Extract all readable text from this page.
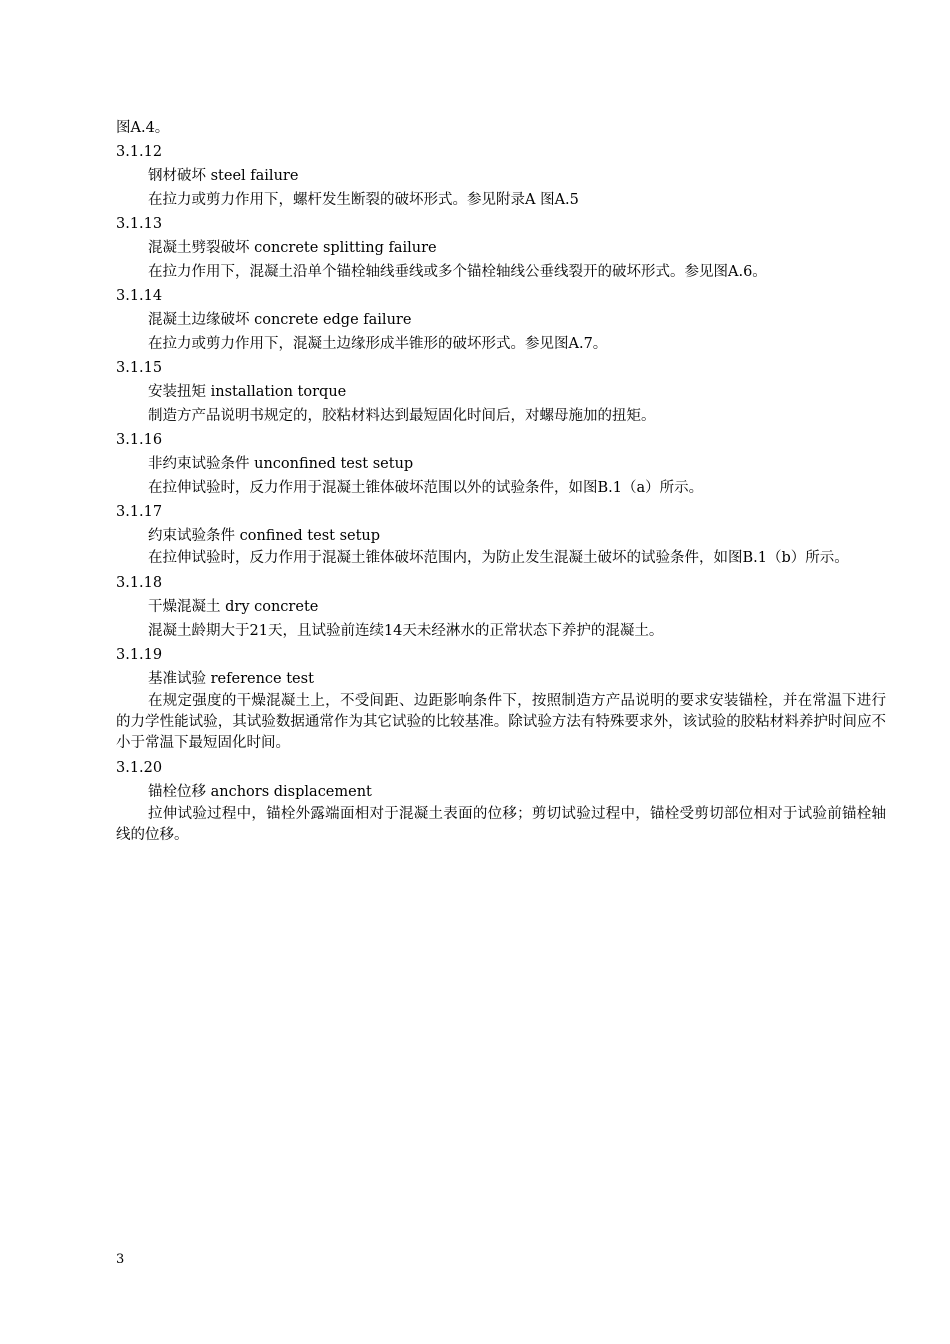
图A.4。
3.1.12
钢材破坏 steel failure
在拉力或剪力作用下，螺杆发生断裂的破坏形式。参见附录A 图A.5
3.1.13
混凝土劈裂破坏 concrete splitting failure
在拉力作用下，混凝土沿单个锚栓轴线垂线或多个锚栓轴线公垂线裂开的破坏形式。参见图A.6。
3.1.14
混凝土边缘破坏 concrete edge failure
在拉力或剪力作用下，混凝土边缘形成半锥形的破坏形式。参见图A.7。
3.1.15
安装扭矩 installation torque
制造方产品说明书规定的，胶粘材料达到最短固化时间后，对螺母施加的扭矩。
3.1.16
非约束试验条件 unconfined test setup
在拉伸试验时，反力作用于混凝土锥体破坏范围以外的试验条件，如图B.1（a）所示。
3.1.17
约束试验条件 confined test setup
在拉伸试验时，反力作用于混凝土锥体破坏范围内，为防止发生混凝土破坏的试验条件，如图B.1（b）所示。
3.1.18
干燥混凝土 dry concrete
混凝土龄期大于21天，且试验前连续14天未经淋水的正常状态下养护的混凝土。
3.1.19
基准试验 reference test
在规定强度的干燥混凝土上，不受间距、边距影响条件下，按照制造方产品说明的要求安装锚栓，并在常温下进行的力学性能试验，其试验数据通常作为其它试验的比较基准。除试验方法有特殊要求外，该试验的胶粘材料养护时间应不小于常温下最短固化时间。
3.1.20
锚栓位移 anchors displacement
拉伸试验过程中，锚栓外露端面相对于混凝土表面的位移；剪切试验过程中，锚栓受剪切部位相对于试验前锚栓轴线的位移。
3
